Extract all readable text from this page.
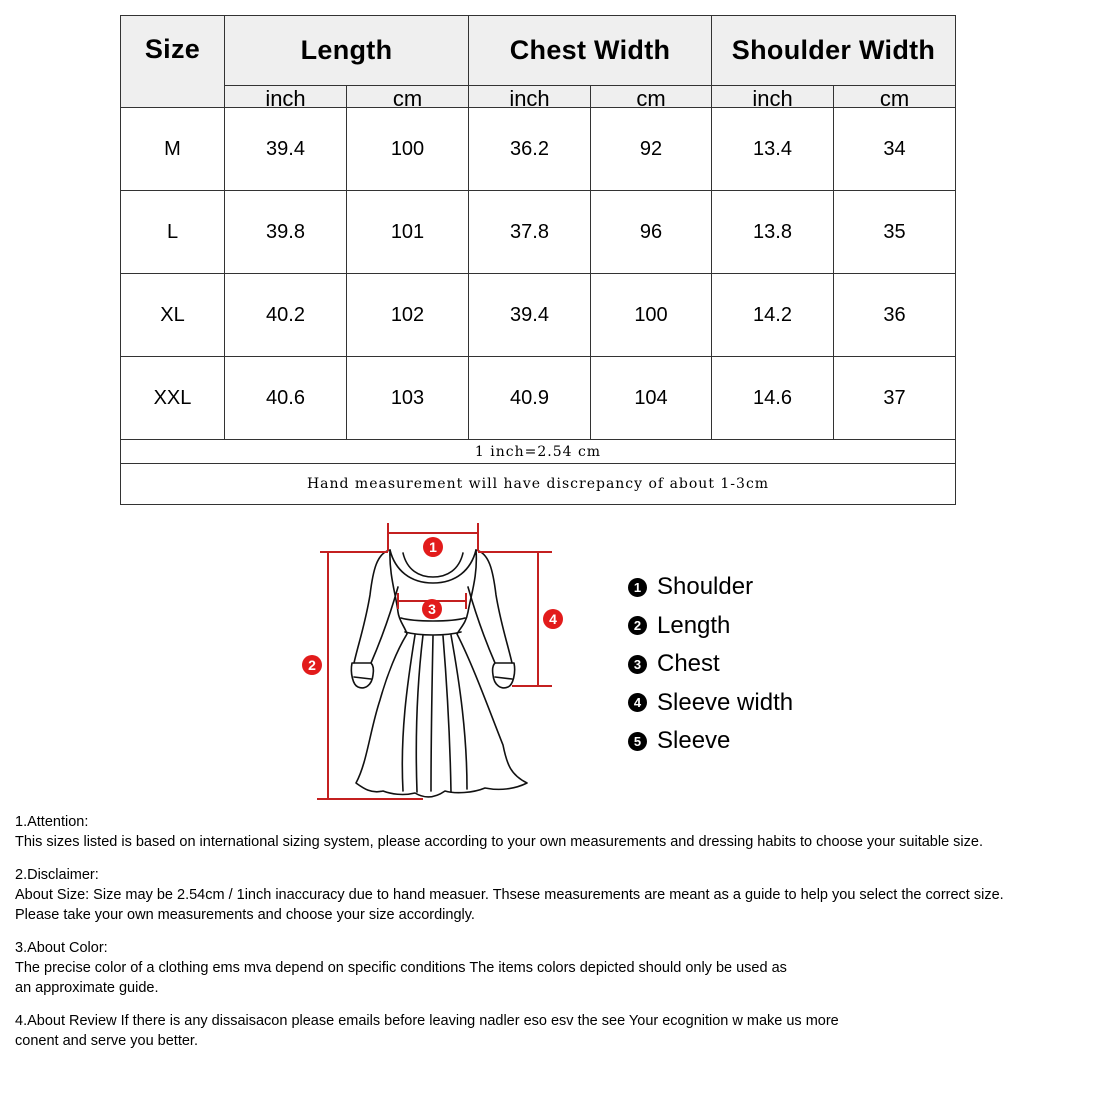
Size	Length		Chest Width		Shoulder Width	
	inch	cm	inch	cm	inch	cm
M	39.4	100	36.2	92	13.4	34
L	39.8	101	37.8	96	13.8	35
XL	40.2	102	39.4	100	14.2	36
XXL	40.6	103	40.9	104	14.6	37
1 inch=2.54 cm						
Hand measurement will have discrepancy of about 1-3cm						
1
2
3
4
1 Shoulder
2 Length
3 Chest
4 Sleeve width
5 Sleeve

1.Attention:

This sizes listed is based on international sizing system, please according to your own measurements and dressing habits to choose your suitable size.

2.Disclaimer:

About Size: Size may be 2.54cm / 1inch inaccuracy due to hand measuer. Thsese measurements are meant as a guide to help you select the correct size.

Please take your own measurements and choose your size accordingly.

3.About Color:

The precise color of a clothing ems mva depend on specific conditions The items colors depicted should only be used as

an approximate guide.

4.About Review If there is any dissaisacon please emails before leaving nadler eso esv the see Your ecognition w make us more

conent and serve you better.
